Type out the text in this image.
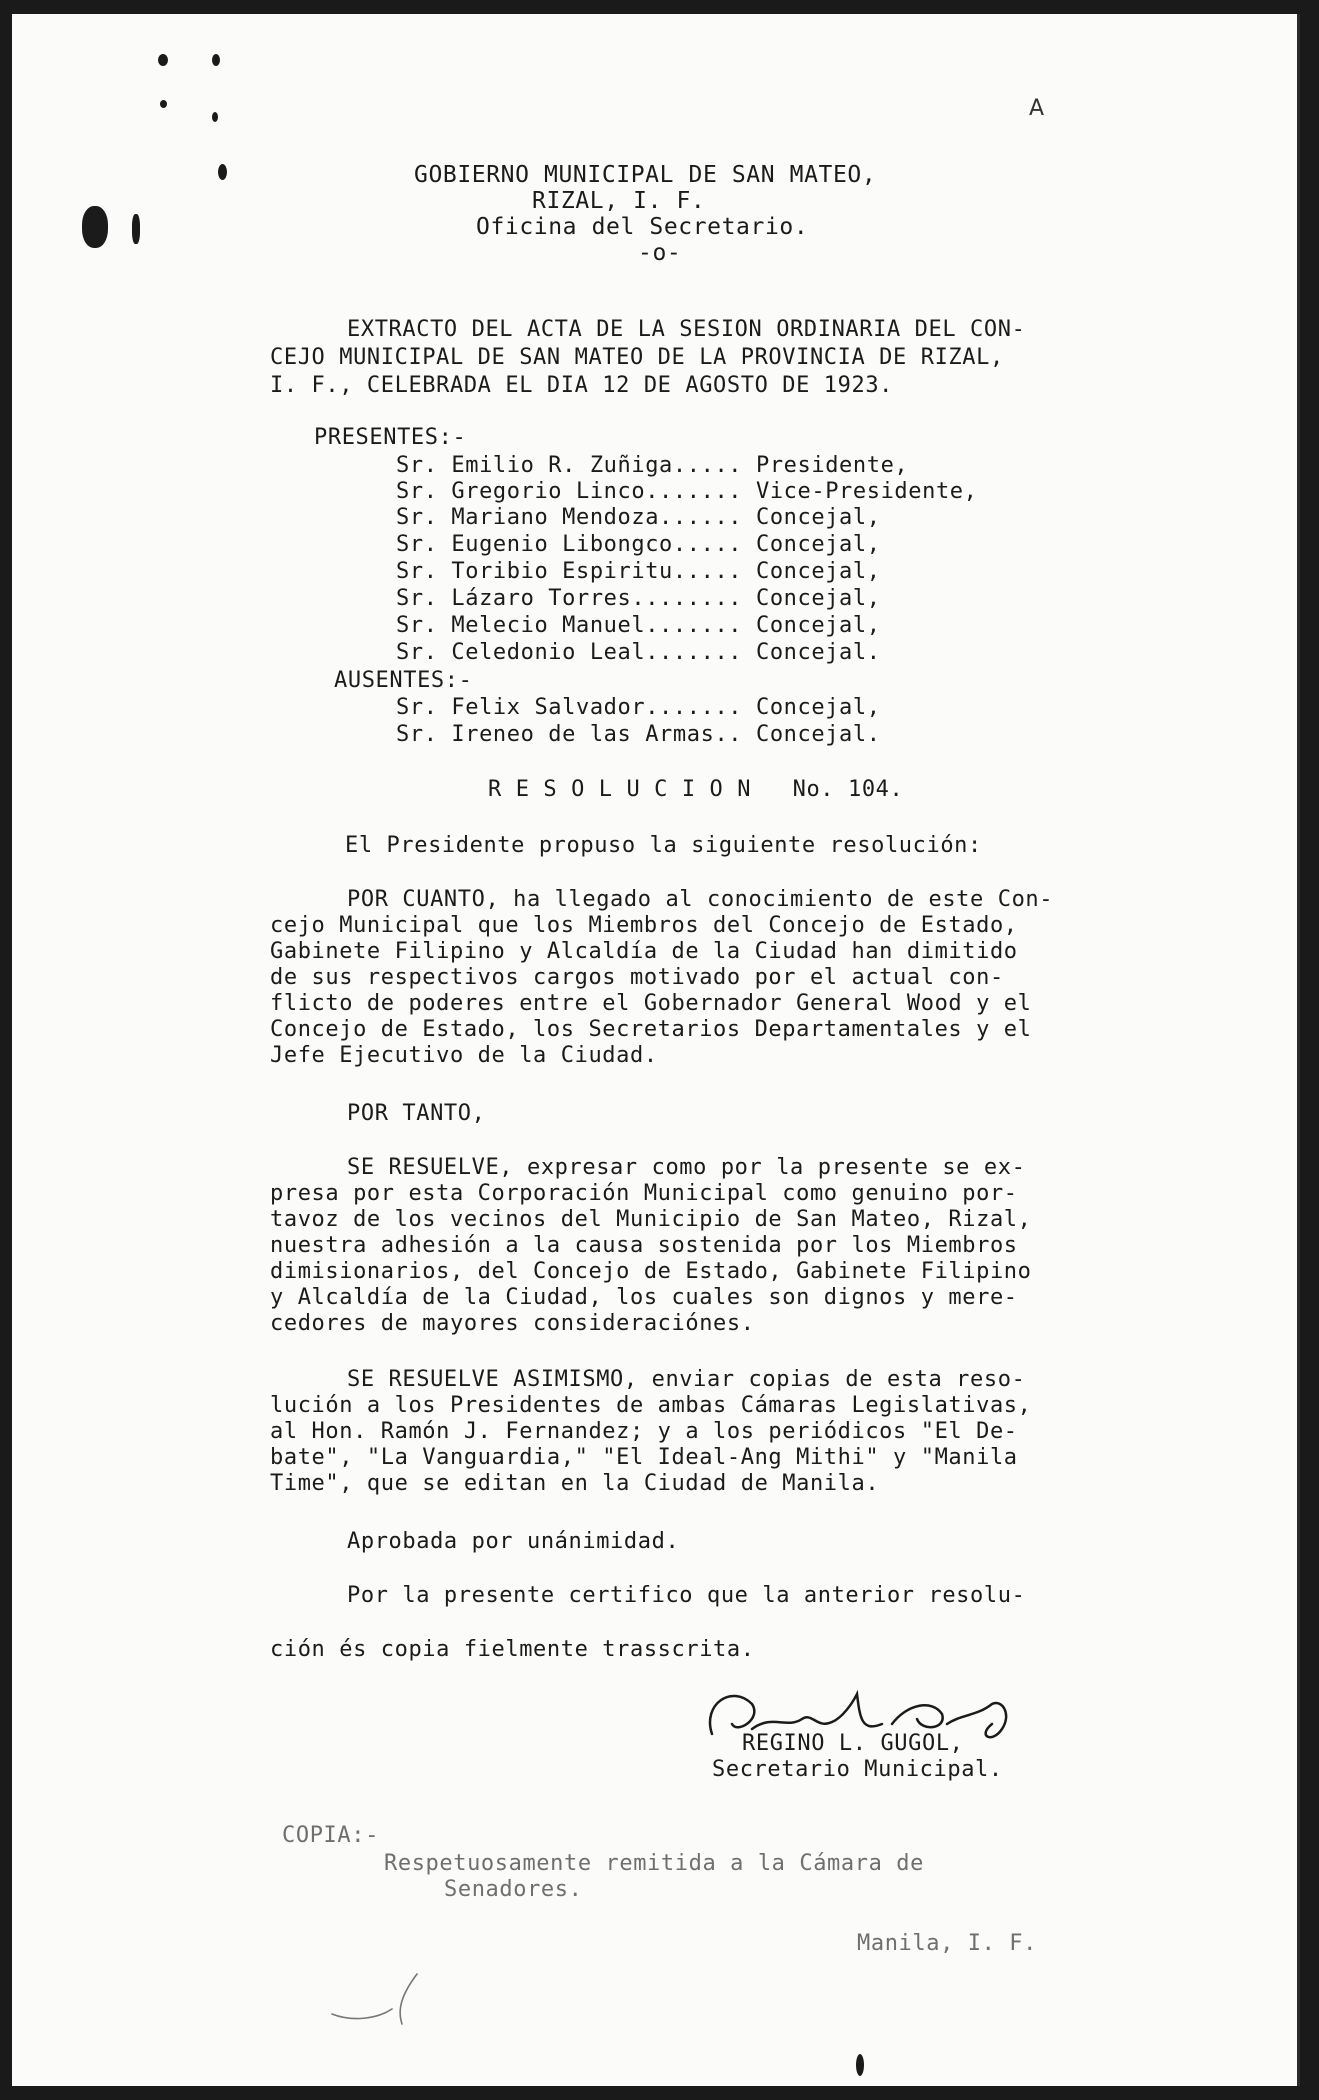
A
GOBIERNO MUNICIPAL DE SAN MATEO,
RIZAL, I. F.
Oficina del Secretario.
-o-
EXTRACTO DEL ACTA DE LA SESION ORDINARIA DEL CON-
CEJO MUNICIPAL DE SAN MATEO DE LA PROVINCIA DE RIZAL,
I. F., CELEBRADA EL DIA 12 DE AGOSTO DE 1923.
PRESENTES:-
Sr. Emilio R. Zuñiga..... Presidente,
Sr. Gregorio Linco....... Vice-Presidente,
Sr. Mariano Mendoza...... Concejal,
Sr. Eugenio Libongco..... Concejal,
Sr. Toribio Espiritu..... Concejal,
Sr. Lázaro Torres........ Concejal,
Sr. Melecio Manuel....... Concejal,
Sr. Celedonio Leal....... Concejal.
AUSENTES:-
Sr. Felix Salvador....... Concejal,
Sr. Ireneo de las Armas.. Concejal.
R E S O L U C I O N   No. 104.
El Presidente propuso la siguiente resolución:
POR CUANTO, ha llegado al conocimiento de este Con-
cejo Municipal que los Miembros del Concejo de Estado,
Gabinete Filipino y Alcaldía de la Ciudad han dimitido
de sus respectivos cargos motivado por el actual con-
flicto de poderes entre el Gobernador General Wood y el
Concejo de Estado, los Secretarios Departamentales y el
Jefe Ejecutivo de la Ciudad.
POR TANTO,
SE RESUELVE, expresar como por la presente se ex-
presa por esta Corporación Municipal como genuino por-
tavoz de los vecinos del Municipio de San Mateo, Rizal,
nuestra adhesión a la causa sostenida por los Miembros
dimisionarios, del Concejo de Estado, Gabinete Filipino
y Alcaldía de la Ciudad, los cuales son dignos y mere-
cedores de mayores consideraciónes.
SE RESUELVE ASIMISMO, enviar copias de esta reso-
lución a los Presidentes de ambas Cámaras Legislativas,
al Hon. Ramón J. Fernandez; y a los periódicos "El De-
bate", "La Vanguardia," "El Ideal-Ang Mithi" y "Manila
Time", que se editan en la Ciudad de Manila.
Aprobada por unánimidad.
Por la presente certifico que la anterior resolu-
ción és copia fielmente trasscrita.
REGINO L. GUGOL,
Secretario Municipal.
COPIA:-
Respetuosamente remitida a la Cámara de
Senadores.
Manila, I. F.
